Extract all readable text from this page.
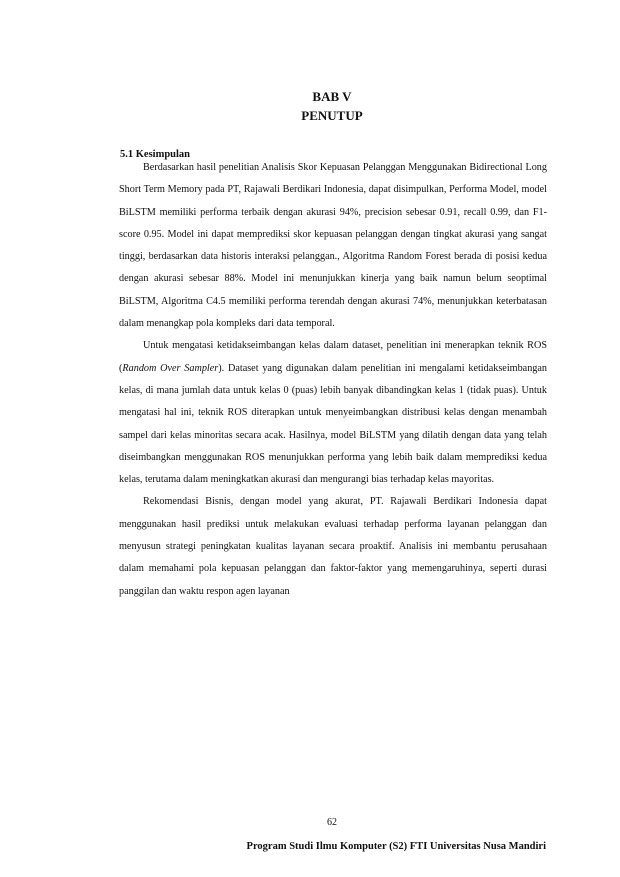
BAB V
PENUTUP
5.1 Kesimpulan

Berdasarkan hasil penelitian Analisis Skor Kepuasan Pelanggan Menggunakan Bidirectional Long Short Term Memory pada PT, Rajawali Berdikari Indonesia, dapat disimpulkan, Performa Model, model BiLSTM memiliki performa terbaik dengan akurasi 94%, precision sebesar 0.91, recall 0.99, dan F1-score 0.95. Model ini dapat memprediksi skor kepuasan pelanggan dengan tingkat akurasi yang sangat tinggi, berdasarkan data historis interaksi pelanggan., Algoritma Random Forest berada di posisi kedua dengan akurasi sebesar 88%. Model ini menunjukkan kinerja yang baik namun belum seoptimal BiLSTM, Algoritma C4.5 memiliki performa terendah dengan akurasi 74%, menunjukkan keterbatasan dalam menangkap pola kompleks dari data temporal.

Untuk mengatasi ketidakseimbangan kelas dalam dataset, penelitian ini menerapkan teknik ROS (Random Over Sampler). Dataset yang digunakan dalam penelitian ini mengalami ketidakseimbangan kelas, di mana jumlah data untuk kelas 0 (puas) lebih banyak dibandingkan kelas 1 (tidak puas). Untuk mengatasi hal ini, teknik ROS diterapkan untuk menyeimbangkan distribusi kelas dengan menambah sampel dari kelas minoritas secara acak. Hasilnya, model BiLSTM yang dilatih dengan data yang telah diseimbangkan menggunakan ROS menunjukkan performa yang lebih baik dalam memprediksi kedua kelas, terutama dalam meningkatkan akurasi dan mengurangi bias terhadap kelas mayoritas.

Rekomendasi Bisnis, dengan model yang akurat, PT. Rajawali Berdikari Indonesia dapat menggunakan hasil prediksi untuk melakukan evaluasi terhadap performa layanan pelanggan dan menyusun strategi peningkatan kualitas layanan secara proaktif. Analisis ini membantu perusahaan dalam memahami pola kepuasan pelanggan dan faktor-faktor yang memengaruhinya, seperti durasi panggilan dan waktu respon agen layanan

62
Program Studi Ilmu Komputer (S2) FTI Universitas Nusa Mandiri
